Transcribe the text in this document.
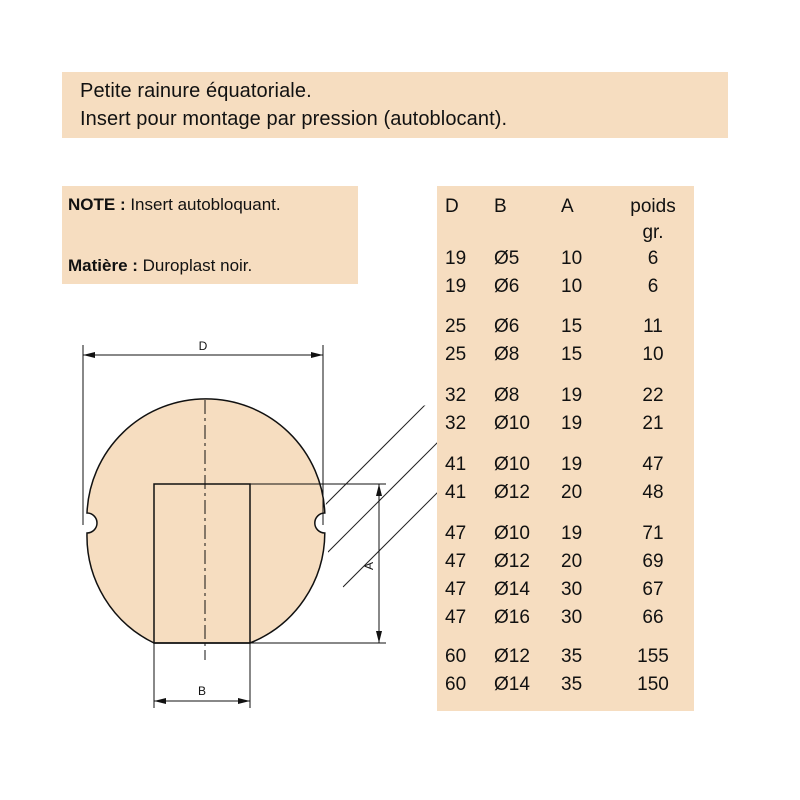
Petite rainure équatoriale.
Insert pour montage par pression (autoblocant).
NOTE : Insert autobloquant.
Matière : Duroplast noir.
D
A
B
D	B	A	poids
gr.
19	Ø5	10	6
19	Ø6	10	6
25	Ø6	15	11
25	Ø8	15	10
32	Ø8	19	22
32	Ø10	19	21
41	Ø10	19	47
41	Ø12	20	48
47	Ø10	19	71
47	Ø12	20	69
47	Ø14	30	67
47	Ø16	30	66
60	Ø12	35	155
60	Ø14	35	150
